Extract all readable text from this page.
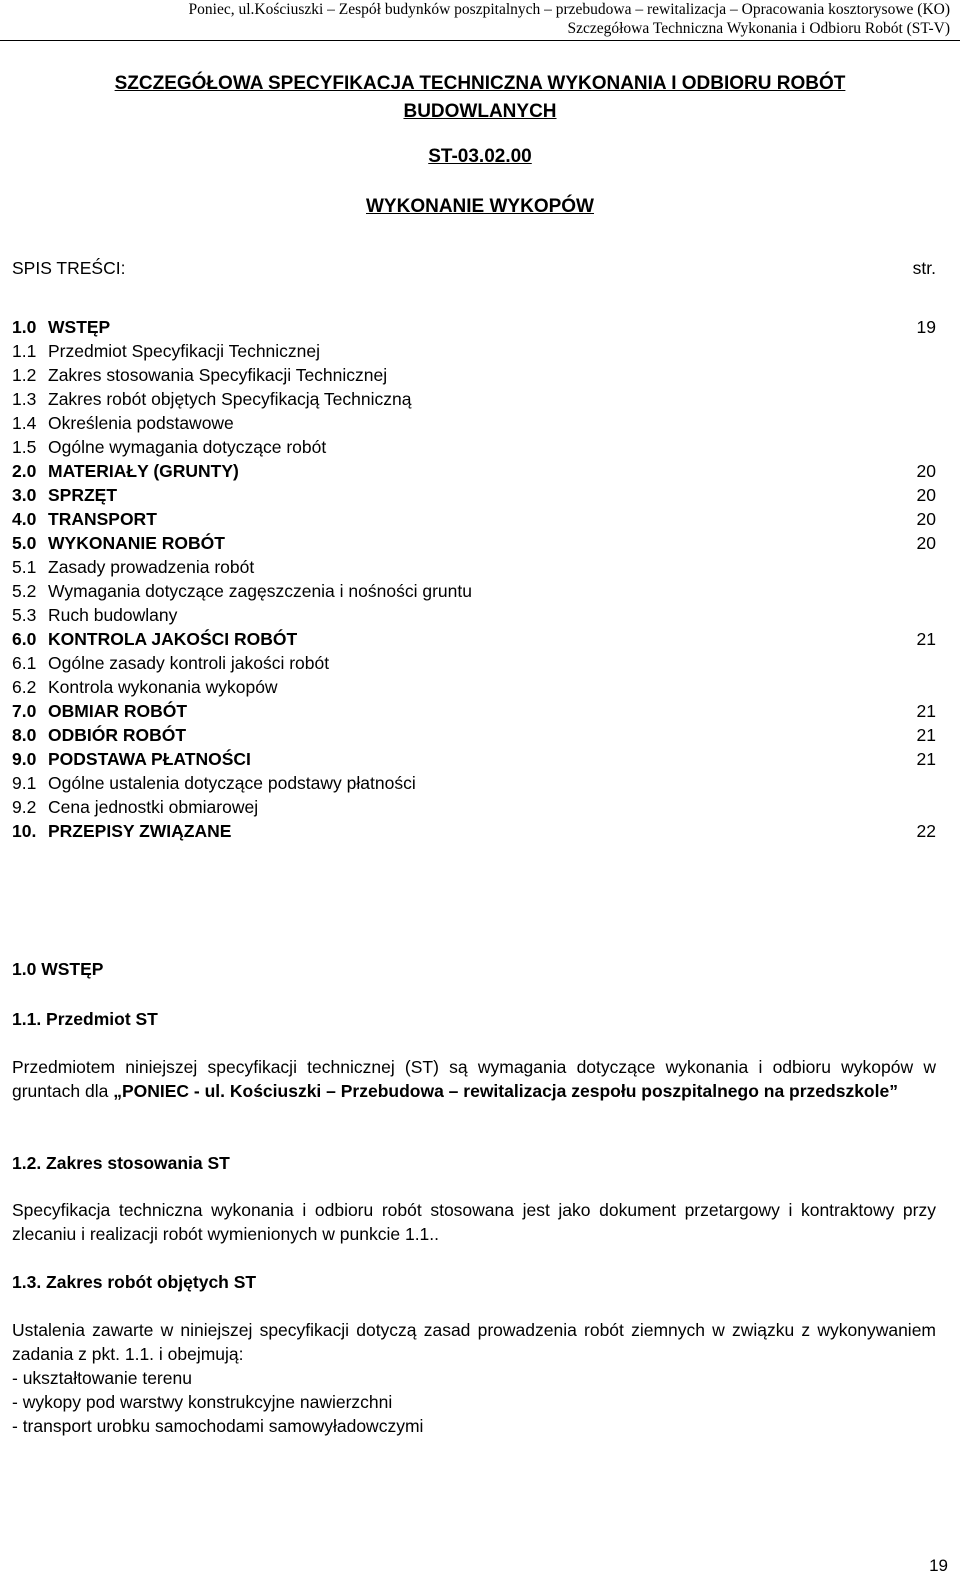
Poniec, ul.Kościuszki – Zespół budynków poszpitalnych – przebudowa – rewitalizacja – Opracowania kosztorysowe (KO)
Szczegółowa Techniczna Wykonania i Odbioru Robót (ST-V)
SZCZEGÓŁOWA SPECYFIKACJA TECHNICZNA WYKONANIA I ODBIORU ROBÓT
BUDOWLANYCH
ST-03.02.00
WYKONANIE WYKOPÓW
SPIS TREŚCI:	str.
1.0 WSTĘP	19
1.1 Przedmiot Specyfikacji Technicznej
1.2 Zakres stosowania Specyfikacji Technicznej
1.3 Zakres robót objętych Specyfikacją Techniczną
1.4 Określenia podstawowe
1.5 Ogólne wymagania dotyczące robót
2.0 MATERIAŁY (GRUNTY)	20
3.0 SPRZĘT	20
4.0 TRANSPORT	20
5.0 WYKONANIE ROBÓT	20
5.1 Zasady prowadzenia robót
5.2 Wymagania dotyczące zagęszczenia i nośności gruntu
5.3 Ruch budowlany
6.0 KONTROLA JAKOŚCI ROBÓT	21
6.1 Ogólne zasady kontroli jakości robót
6.2 Kontrola wykonania wykopów
7.0 OBMIAR ROBÓT	21
8.0 ODBIÓR ROBÓT	21
9.0 PODSTAWA PŁATNOŚCI	21
9.1 Ogólne ustalenia dotyczące podstawy płatności
9.2 Cena jednostki obmiarowej
10. PRZEPISY ZWIĄZANE	22
1.0 WSTĘP
1.1. Przedmiot ST
Przedmiotem niniejszej specyfikacji technicznej (ST) są wymagania dotyczące wykonania i odbioru wykopów w gruntach dla „PONIEC - ul. Kościuszki – Przebudowa – rewitalizacja zespołu poszpitalnego na przedszkole”
1.2. Zakres stosowania ST
Specyfikacja techniczna wykonania i odbioru robót stosowana jest jako dokument przetargowy i kontraktowy przy zlecaniu i realizacji robót wymienionych w punkcie 1.1..
1.3. Zakres robót objętych ST
Ustalenia zawarte w niniejszej specyfikacji dotyczą zasad prowadzenia robót ziemnych w związku z wykonywaniem zadania z pkt. 1.1. i obejmują:
- ukształtowanie terenu
- wykopy pod warstwy konstrukcyjne nawierzchni
- transport urobku samochodami samowyładowczymi
19
